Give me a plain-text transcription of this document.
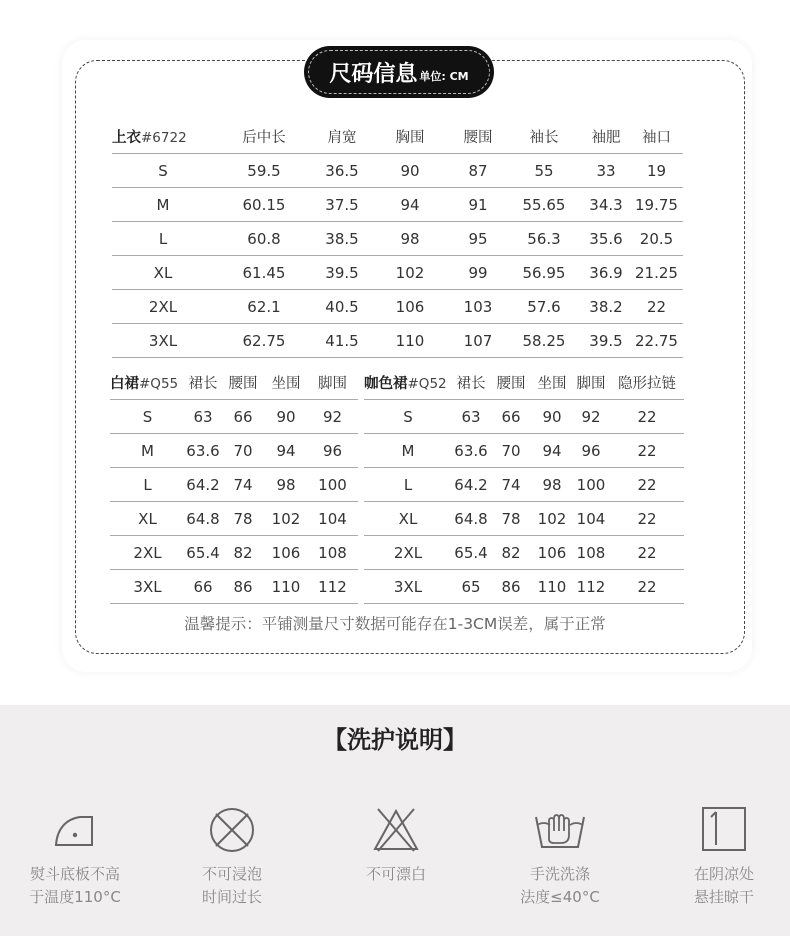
尺码信息 单位: CM
上衣#6722	后中长	肩宽	胸围	腰围	袖长	袖肥	袖口
S	59.5	36.5	90	87	55	33	19
M	60.15	37.5	94	91	55.65	34.3	19.75
L	60.8	38.5	98	95	56.3	35.6	20.5
XL	61.45	39.5	102	99	56.95	36.9	21.25
2XL	62.1	40.5	106	103	57.6	38.2	22
3XL	62.75	41.5	110	107	58.25	39.5	22.75
白裙#Q55	裙长	腰围	坐围	脚围
S	63	66	90	92
M	63.6	70	94	96
L	64.2	74	98	100
XL	64.8	78	102	104
2XL	65.4	82	106	108
3XL	66	86	110	112
咖色裙#Q52	裙长	腰围	坐围	脚围	隐形拉链
S	63	66	90	92	22
M	63.6	70	94	96	22
L	64.2	74	98	100	22
XL	64.8	78	102	104	22
2XL	65.4	82	106	108	22
3XL	65	86	110	112	22
温馨提示：平铺测量尺寸数据可能存在1-3CM误差，属于正常
【洗护说明】
熨斗底板不高
于温度110°C
不可浸泡
时间过长
不可漂白	手洗洗涤
法度≤40°C
在阴凉处
悬挂晾干
